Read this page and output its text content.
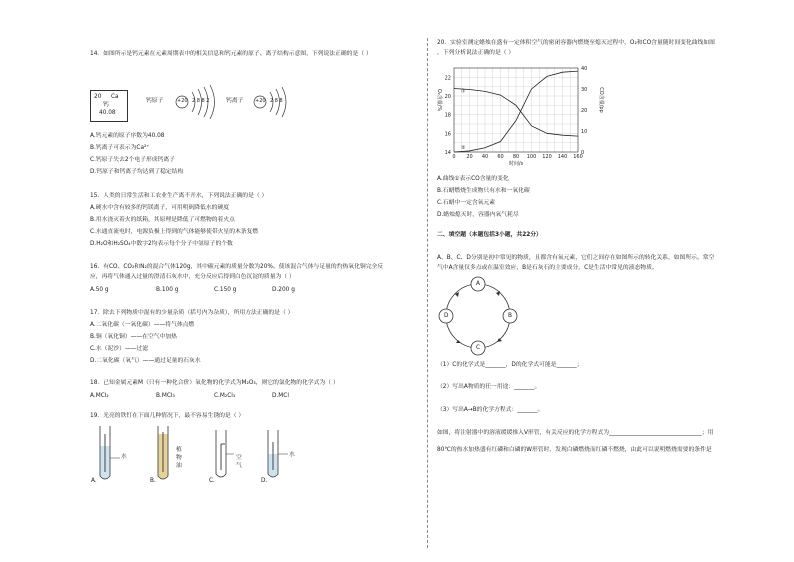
14．如图所示是钙元素在元素周期表中的相关信息和钙元素的原子、离子结构示意图，下列说法正确的是（ ）
20 Ca
钙
40.08
钙原子	+20 2 8 8 2	钙离子 +20 2 8 8
A.钙元素的原子序数为40.08
B.钙离子可表示为Ca²⁺
C.钙原子失去2个电子形成钙离子
D.钙原子和钙离子均达到了稳定结构
15．人类的日常生活和工农业生产离不开水，下列说法正确的是（ ）
A.硬水中含有较多的钙镁离子，可用明矾降低水的硬度
B.用水浇灭着火的纸箱，其原理是降低了可燃物的着火点
C.水通直流电时，电源负极上得到的气体能够使带火星的木条复燃
D.H₂O和H₂SO₄中数字2均表示每个分子中氢原子的个数
16．有CO、CO₂和N₂的混合气体120g，其中碳元素的质量分数为20%。使该混合气体与足量的灼热氧化铜完全反
应，再将气体通入过量的澄清石灰水中，充分反应后得到白色沉淀的质量为（ ）
A.50 g	B.100 g	C.150 g	D.200 g
17．除去下列物质中混有的少量杂质（括号内为杂质），所用方法正确的是（ ）
A.二氧化碳（一氧化碳）——将气体点燃
B.铜（氧化铜）——在空气中加热
C.水（泥沙）——过滤
D.二氧化碳（氧气）——通过足量的石灰水
18．已知金属元素M（只有一种化合价）氧化物的化学式为M₂O₃，则它的氯化物的化学式为（ ）
A.MCl₂	B.MCl₃	C.M₂Cl₃	D.MCl
19．光亮的铁钉在下面几种情况下，最不容易生锈的是（ ）
水
植物油
空气
水
A.	B.	C.	D.
20．实验室测定蜡烛在盛有一定体积空气的密闭容器内燃烧至熄灭过程中，O₂和CO含量随时间变化曲线如图
，下列分析说法正确的是（ ）
0 20 40 60 80 100 120 140 160
时间/s
14
16
18
20
22
0
10
20
30
40
O₂含量/%	CO含量/pp
①
②
A.曲线①表示CO含量的变化
B.石蜡燃烧生成物只有水和一氧化碳
C.石蜡中一定含氧元素
D.蜡烛熄灭时，容器内氧气耗尽
二、填空题（本题包括3小题，共22分）
A、B、C、D分别是初中常见的物质，且都含有氧元素，它们之间存在如图所示的转化关系，如图所示。常空
气中A含量仅多点或在温室效应，B是石灰石的主要成分，C是生活中常见的液态物质。
A
B
C
D
（1）C的化学式是_______，D的化学式可能是_______；
（2）写出A物质的任一用途：_______。
（3）写出A→B的化学方程式：_______。
如图，将注射器中的溶液缓缓推入V形管，有关反应的化学方程式为________________________________；用
80℃的热水加热盛有红磷和白磷的W形管时，发现白磷燃烧而红磷不燃烧，由此可以说明燃烧需要的条件是
